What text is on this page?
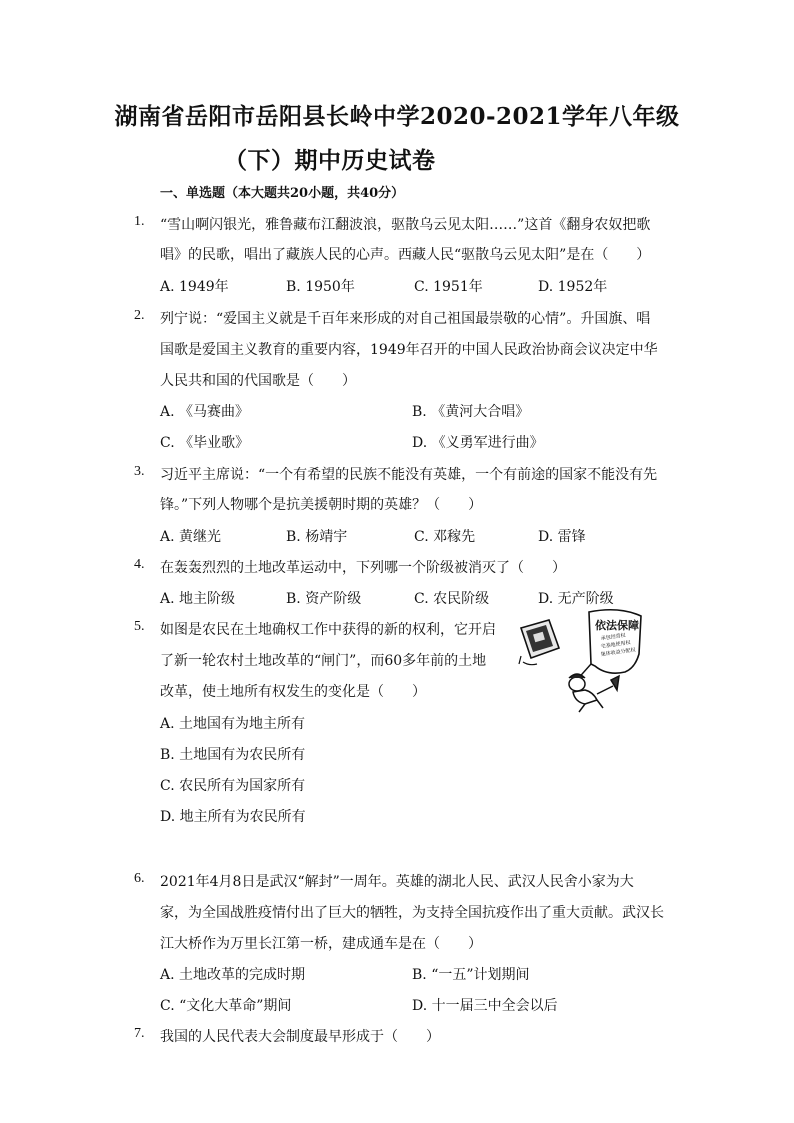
湖南省岳阳市岳阳县长岭中学2020-2021学年八年级
（下）期中历史试卷
一、单选题（本大题共20小题，共40分）
1.	“雪山啊闪银光，雅鲁藏布江翻波浪，驱散乌云见太阳……”这首《翻身农奴把歌
唱》的民歌，唱出了藏族人民的心声。西藏人民“驱散乌云见太阳”是在（　　）
A. 1949年	B. 1950年	C. 1951年	D. 1952年
2.	列宁说：“爱国主义就是千百年来形成的对自己祖国最崇敬的心情”。升国旗、唱
国歌是爱国主义教育的重要内容，1949年召开的中国人民政治协商会议决定中华
人民共和国的代国歌是（　　）
A. 《马赛曲》	B. 《黄河大合唱》
C. 《毕业歌》	D. 《义勇军进行曲》
3.	习近平主席说：“一个有希望的民族不能没有英雄，一个有前途的国家不能没有先
锋。”下列人物哪个是抗美援朝时期的英雄？（　　）
A. 黄继光	B. 杨靖宇	C. 邓稼先	D. 雷锋
4.	在轰轰烈烈的土地改革运动中，下列哪一个阶级被消灭了（　　）
A. 地主阶级	B. 资产阶级	C. 农民阶级	D. 无产阶级
5.	如图是农民在土地确权工作中获得的新的权利，它开启
了新一轮农村土地改革的“闸门”，而60多年前的土地
改革，使土地所有权发生的变化是（　　）
A. 土地国有为地主所有
B. 土地国有为农民所有
C. 农民所有为国家所有
D. 地主所有为农民所有
依法保障
承包经营权
宅基地使用权
集体收益分配权
6.	2021年4月8日是武汉“解封”一周年。英雄的湖北人民、武汉人民舍小家为大
家，为全国战胜疫情付出了巨大的牺牲，为支持全国抗疫作出了重大贡献。武汉长
江大桥作为万里长江第一桥，建成通车是在（　　）
A. 土地改革的完成时期	B. “一五”计划期间
C. “文化大革命”期间	D. 十一届三中全会以后
7.	我国的人民代表大会制度最早形成于（　　）
